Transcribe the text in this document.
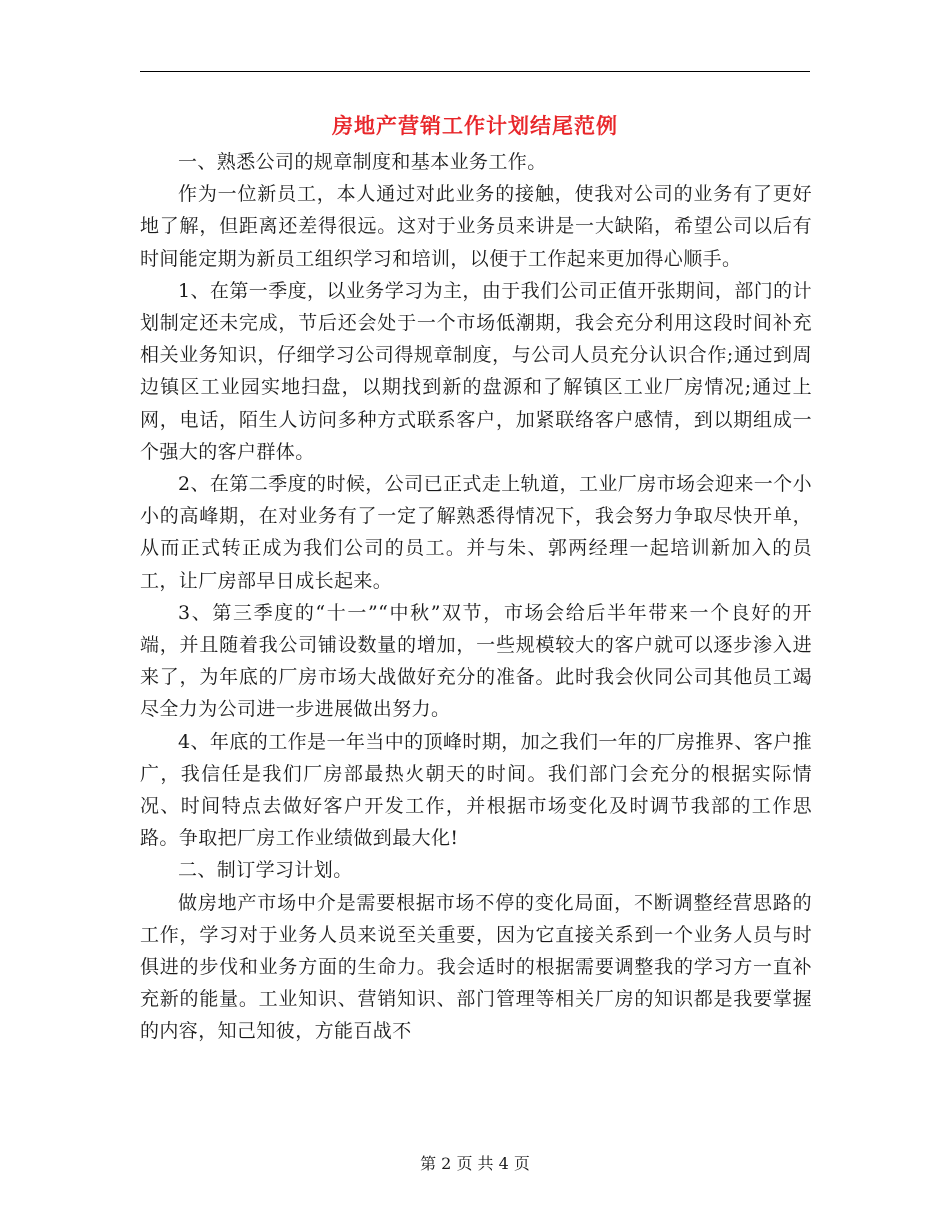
房地产营销工作计划结尾范例

一、熟悉公司的规章制度和基本业务工作。

作为一位新员工，本人通过对此业务的接触，使我对公司的业务有了更好地了解，但距离还差得很远。这对于业务员来讲是一大缺陷，希望公司以后有时间能定期为新员工组织学习和培训，以便于工作起来更加得心顺手。

1、在第一季度，以业务学习为主，由于我们公司正值开张期间，部门的计划制定还未完成，节后还会处于一个市场低潮期，我会充分利用这段时间补充相关业务知识，仔细学习公司得规章制度，与公司人员充分认识合作;通过到周边镇区工业园实地扫盘，以期找到新的盘源和了解镇区工业厂房情况;通过上网，电话，陌生人访问多种方式联系客户，加紧联络客户感情，到以期组成一个强大的客户群体。

2、在第二季度的时候，公司已正式走上轨道，工业厂房市场会迎来一个小小的高峰期，在对业务有了一定了解熟悉得情况下，我会努力争取尽快开单，从而正式转正成为我们公司的员工。并与朱、郭两经理一起培训新加入的员工，让厂房部早日成长起来。

3、第三季度的“十一”“中秋”双节，市场会给后半年带来一个良好的开端，并且随着我公司铺设数量的增加，一些规模较大的客户就可以逐步渗入进来了，为年底的厂房市场大战做好充分的准备。此时我会伙同公司其他员工竭尽全力为公司进一步进展做出努力。

4、年底的工作是一年当中的顶峰时期，加之我们一年的厂房推界、客户推广，我信任是我们厂房部最热火朝天的时间。我们部门会充分的根据实际情况、时间特点去做好客户开发工作，并根据市场变化及时调节我部的工作思路。争取把厂房工作业绩做到最大化!

二、制订学习计划。

做房地产市场中介是需要根据市场不停的变化局面，不断调整经营思路的工作，学习对于业务人员来说至关重要，因为它直接关系到一个业务人员与时俱进的步伐和业务方面的生命力。我会适时的根据需要调整我的学习方一直补充新的能量。工业知识、营销知识、部门管理等相关厂房的知识都是我要掌握的内容，知己知彼，方能百战不

第 2 页 共 4 页
